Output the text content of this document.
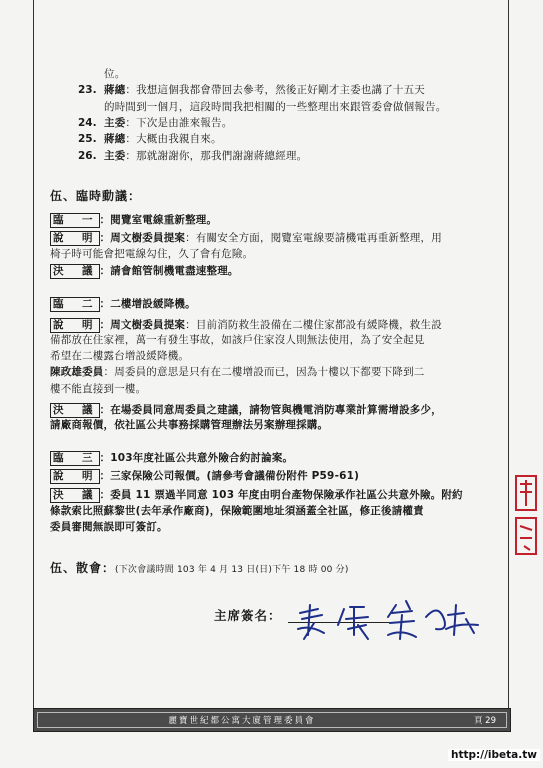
位。
23. 蔣總：我想這個我都會帶回去參考，然後正好剛才主委也講了十五天
的時間到一個月，這段時間我把相關的一些整理出來跟管委會做個報告。
24. 主委：下次是由誰來報告。
25. 蔣總：大概由我親自來。
26. 主委：那就謝謝你，那我們謝謝蔣總經理。
伍、臨時動議：
臨　一 ：閱覽室電線重新整理。
說　明 ：周文樹委員提案：有關安全方面，閱覽室電線要請機電再重新整理，用
椅子時可能會把電線勾住，久了會有危險。
決　議 ：請會館管制機電盡速整理。
臨　二 ：二樓增設緩降機。
說　明 ：周文樹委員提案：目前消防救生設備在二樓住家都設有緩降機，救生設
備都放在住家裡，萬一有發生事故，如該戶住家沒人則無法使用，為了安全起見
希望在二樓露台增設緩降機。
陳政雄委員：周委員的意思是只有在二樓增設而已，因為十樓以下都要下降到二
樓不能直接到一樓。
決　議 ：在場委員同意周委員之建議，請物管與機電消防專業計算需增設多少，
請廠商報價，依社區公共事務採購管理辦法另案辦理採購。
臨　三 ：103年度社區公共意外險合約討論案。
說　明 ：三家保險公司報價。(請參考會議備份附件 P59-61)
決　議 ：委員 11 票過半同意 103 年度由明台產物保險承作社區公共意外險。附約
條款索比照蘇黎世(去年承作廠商)，保險範圍地址須涵蓋全社區，修正後請權責
委員審閱無誤即可簽訂。
伍、散會：(下次會議時間 103 年 4 月 13 日(日)下午 18 時 00 分)
主席簽名：
麗寶世紀都公寓大廈管理委員會	頁 29
http://ibeta.tw
